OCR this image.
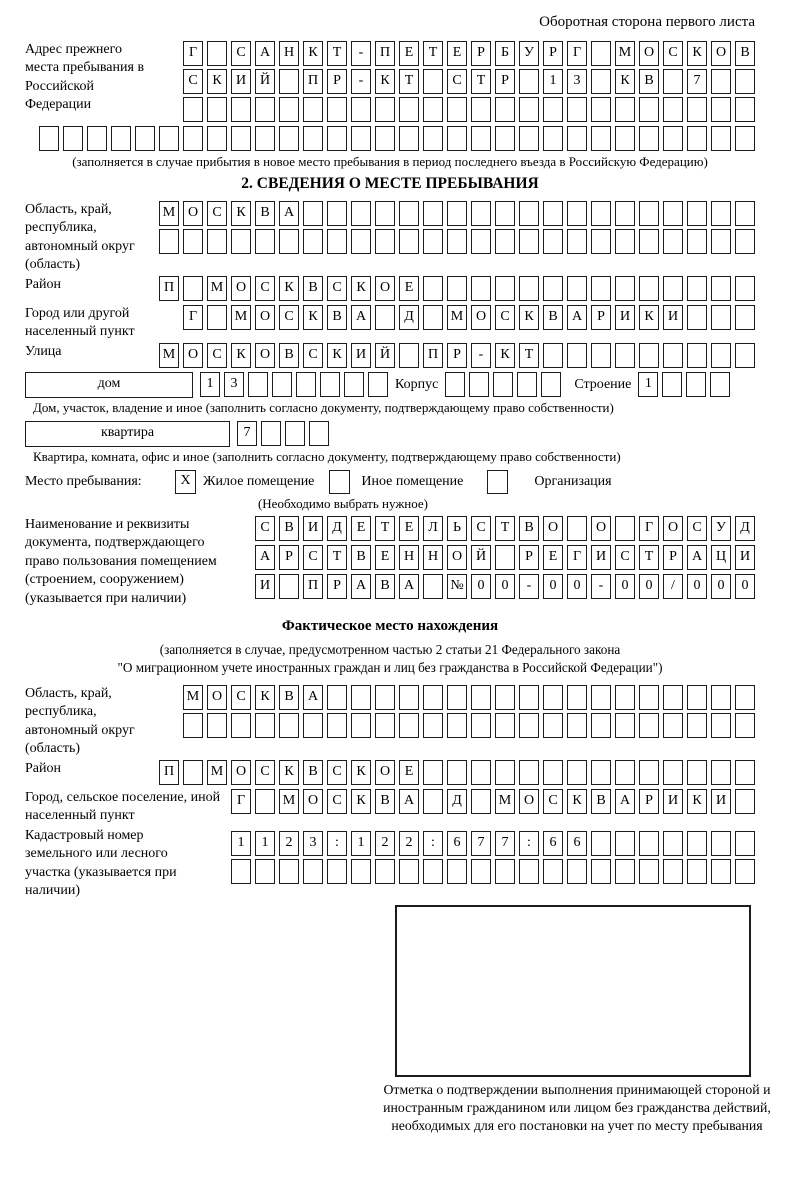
Оборотная сторона первого листа
Адрес прежнего места пребывания в Российской Федерации
Г	С	А Н	К	Т	-	П	Е	Т	Е	Р	Б	У	Р	Г	М О	С	К	О	В
С	К	И Й	П	Р	-	К	Т	С	Т	Р	1	3	К	В	7
(заполняется в случае прибытия в новое место пребывания в период последнего въезда в Российскую Федерацию)
2. СВЕДЕНИЯ О МЕСТЕ ПРЕБЫВАНИЯ
Область, край, республика, автономный округ (область)
М О	С	К	В	А
Район	П	М О	С	К	В	С	К	О	Е
Город или другой населенный пункт
Г	М О	С	К	В	А	Д	М О	С	К	В	А	Р	И	К	И
Улица	М О	С	К	О	В	С	К	И Й	П	Р	-	К	Т
дом	1	3	Корпус	Строение 1
Дом, участок, владение и иное (заполнить согласно документу, подтверждающему право собственности)
квартира	7
Квартира, комната, офис и иное (заполнить согласно документу, подтверждающему право собственности)
Место пребывания:	X Жилое помещение	Иное помещение	Организация
(Необходимо выбрать нужное)
Наименование и реквизиты документа, подтверждающего право пользования помещением (строением, сооружением) (указывается при наличии)
С	В	И	Д	Е	Т	Е	Л	Ь	С	Т	В	О	О	Г	О	С	У	Д
А	Р	С	Т	В	Е	Н Н О Й	Р	Е	Г	И	С	Т	Р	А Ц И
И	П	Р	А	В	А	№ 0	0	-	0	0	-	0	0	/	0	0	0
Фактическое место нахождения
(заполняется в случае, предусмотренном частью 2 статьи 21 Федерального закона
"О миграционном учете иностранных граждан и лиц без гражданства в Российской Федерации")
Область, край, республика, автономный округ (область)
М О	С	К	В	А
Район	П	М О	С	К	В	С	К	О	Е
Город, сельское поселение, иной населенный пункт
Г	М О	С	К	В	А	Д	М О	С	К	В	А	Р	И	К	И
Кадастровый номер земельного или лесного участка (указывается при наличии)
1	1	2	3	:	1	2	2	:	6	7	7	:	6	6
Отметка о подтверждении выполнения принимающей стороной и иностранным гражданином или лицом без гражданства действий, необходимых для его постановки на учет по месту пребывания
